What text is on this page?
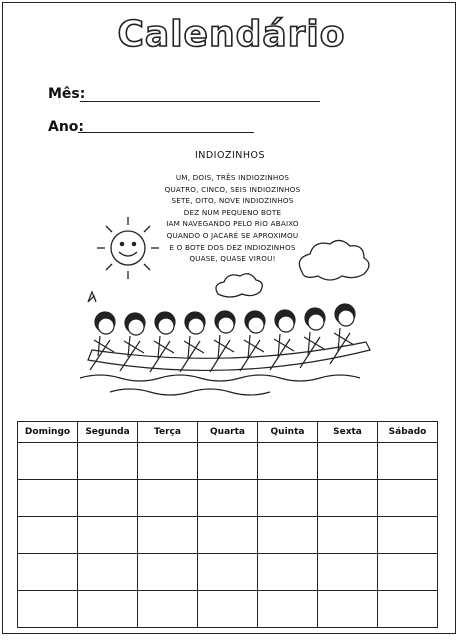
Calendário
Mês:
Ano:
INDIOZINHOS
UM, DOIS, TRÊS INDIOZINHOS
QUATRO, CINCO, SEIS INDIOZINHOS
SETE, OITO, NOVE INDIOZINHOS
DEZ NUM PEQUENO BOTE
IAM NAVEGANDO PELO RIO ABAIXO
QUANDO O JACARÉ SE APROXIMOU
E O BOTE DOS DEZ INDIOZINHOS
QUASE, QUASE VIROU!
Domingo	Segunda	Terça	Quarta	Quinta	Sexta	Sábado
